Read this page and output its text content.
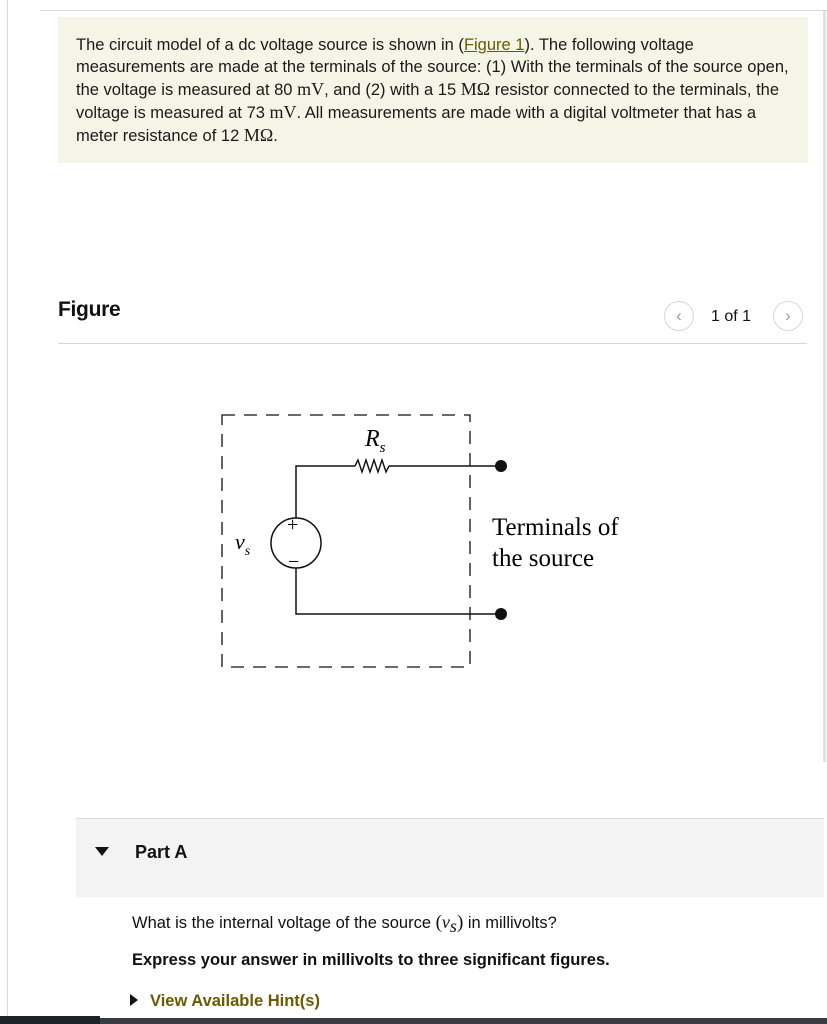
The circuit model of a dc voltage source is shown in (Figure 1). The following voltage measurements are made at the terminals of the source: (1) With the terminals of the source open, the voltage is measured at 80 mV, and (2) with a 15 MΩ resistor connected to the terminals, the voltage is measured at 73 mV. All measurements are made with a digital voltmeter that has a meter resistance of 12 MΩ.
Figure	‹ 1 of 1 ›
+
−
$R_s$
$v_s$
Terminals of
the source
Part A
What is the internal voltage of the source $(v_s)$ in millivolts?
Express your answer in millivolts to three significant figures.
View Available Hint(s)
